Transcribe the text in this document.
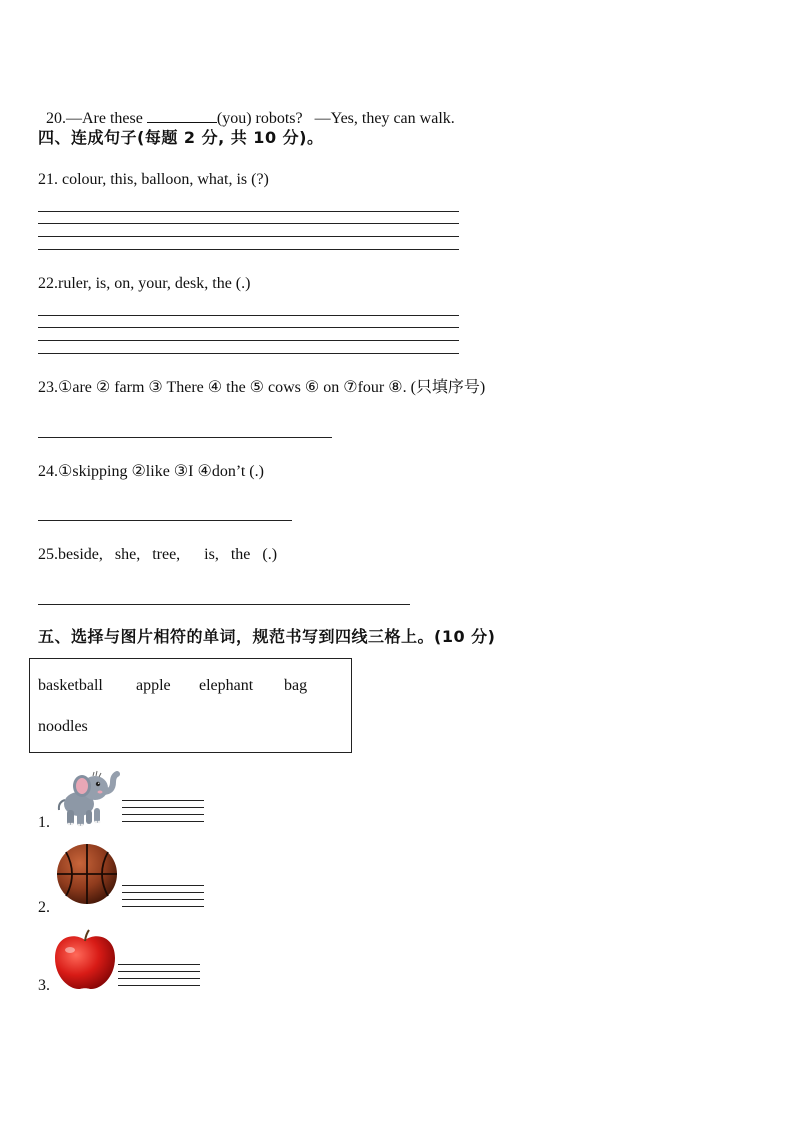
20.—Are these	(you) robots? —Yes, they can walk.

四、连成句子(每题 2 分, 共 10 分)。
21. colour, this, balloon, what, is (?)
22.ruler, is, on, your, desk, the (.)
23.①are ② farm ③ There ④ the ⑤ cows ⑥ on ⑦four ⑧. (只填序号)
24.①skipping ②like ③I ④don’t (.)
25.beside,   she,   tree,      is,   the   (.)
五、选择与图片相符的单词，规范书写到四线三格上。(10 分)
basketball apple elephant bag
noodles
1.
2.
3.
